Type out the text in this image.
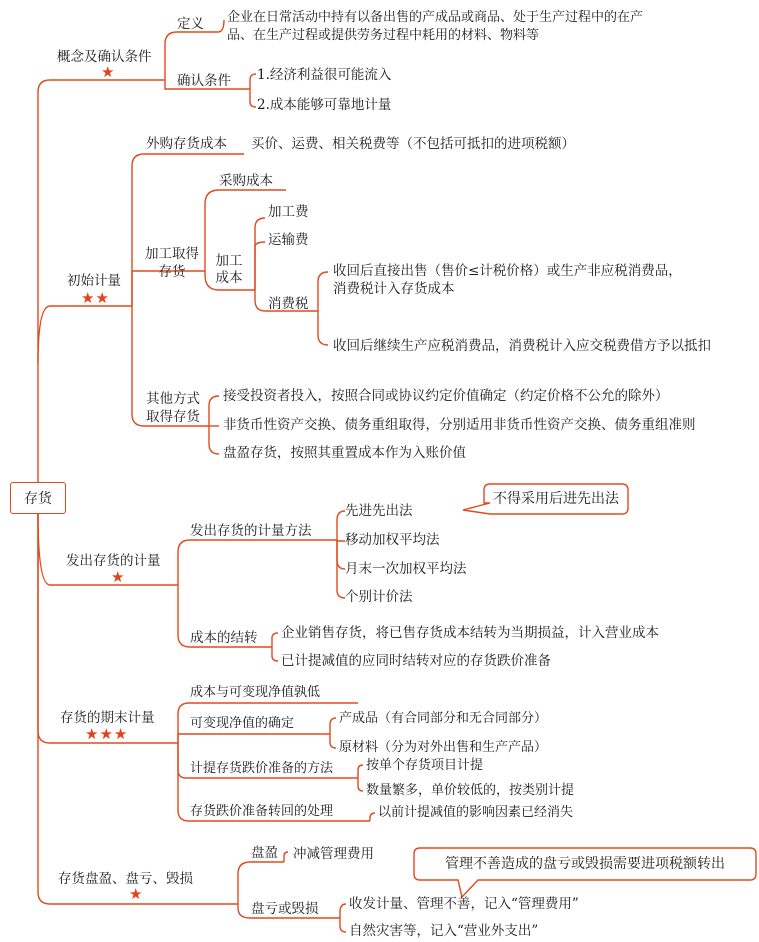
存货
概念及确认条件
★
定义 企业在日常活动中持有以备出售的产成品或商品、处于生产过程中的在产
品、在生产过程或提供劳务过程中耗用的材料、物料等
确认条件 1.经济利益很可能流入
2.成本能够可靠地计量
初始计量
★★
外购存货成本 买价、运费、相关税费等（不包括可抵扣的进项税额）
加工取得
存货
采购成本
加工
成本
加工费
运输费
消费税
收回后直接出售（售价≤计税价格）或生产非应税消费品，
消费税计入存货成本
收回后继续生产应税消费品，消费税计入应交税费借方予以抵扣
其他方式
取得存货
接受投资者投入，按照合同或协议约定价值确定（约定价格不公允的除外）
非货币性资产交换、债务重组取得，分别适用非货币性资产交换、债务重组准则
盘盈存货，按照其重置成本作为入账价值
发出存货的计量
★
发出存货的计量方法
先进先出法
不得采用后进先出法
移动加权平均法
月末一次加权平均法
个别计价法
成本的结转 企业销售存货，将已售存货成本结转为当期损益，计入营业成本
已计提减值的应同时结转对应的存货跌价准备
存货的期末计量
★★★
成本与可变现净值孰低
可变现净值的确定	产成品（有合同部分和无合同部分）
原材料（分为对外出售和生产产品）
计提存货跌价准备的方法	按单个存货项目计提
数量繁多，单价较低的，按类别计提
存货跌价准备转回的处理	以前计提减值的影响因素已经消失
存货盘盈、盘亏、毁损
★
盘盈 冲减管理费用
管理不善造成的盘亏或毁损需要进项税额转出
盘亏或毁损 收发计量、管理不善，记入“管理费用”
自然灾害等，记入“营业外支出”
